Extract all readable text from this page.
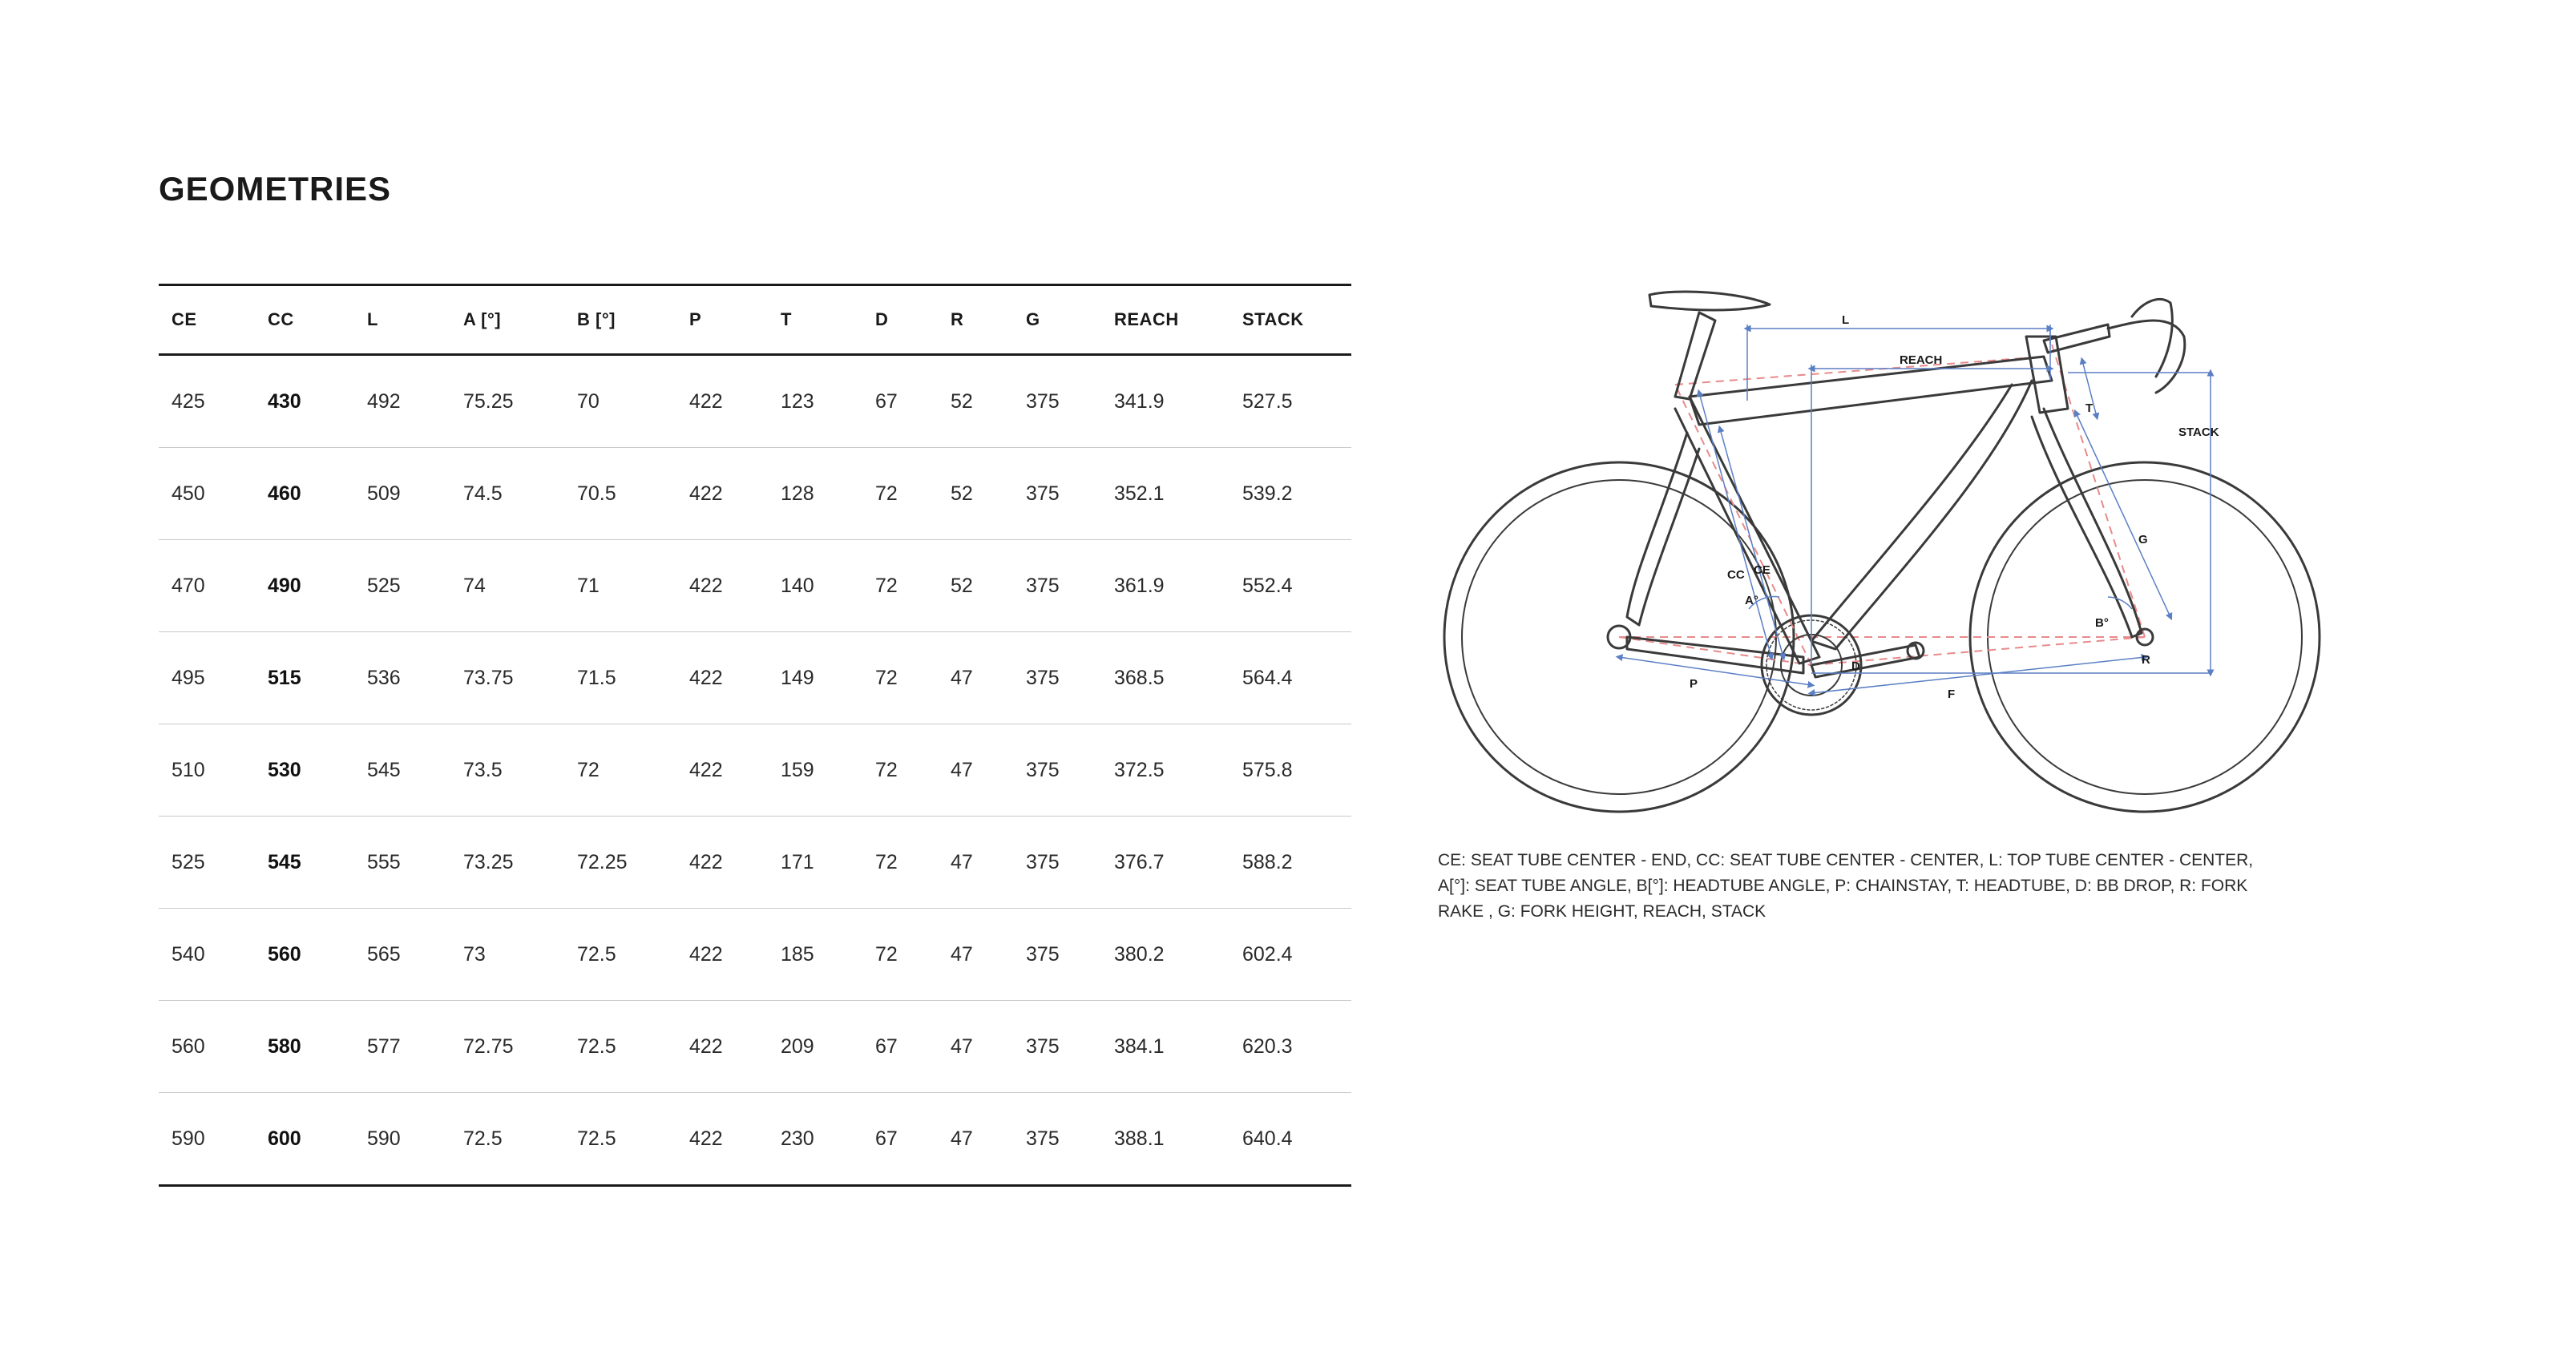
GEOMETRIES
CE	CC	L	A [°]	B [°]	P	T	D	R	G	REACH	STACK
425	430	492	75.25	70	422	123	67	52	375	341.9	527.5
450	460	509	74.5	70.5	422	128	72	52	375	352.1	539.2
470	490	525	74	71	422	140	72	52	375	361.9	552.4
495	515	536	73.75	71.5	422	149	72	47	375	368.5	564.4
510	530	545	73.5	72	422	159	72	47	375	372.5	575.8
525	545	555	73.25	72.25	422	171	72	47	375	376.7	588.2
540	560	565	73	72.5	422	185	72	47	375	380.2	602.4
560	580	577	72.75	72.5	422	209	67	47	375	384.1	620.3
590	600	590	72.5	72.5	422	230	67	47	375	388.1	640.4
L
REACH
STACK
T
G
CC CE
A°
B°
D
P
F
R

CE: SEAT TUBE CENTER - END, CC: SEAT TUBE CENTER - CENTER, L: TOP TUBE CENTER - CENTER, A[°]: SEAT TUBE ANGLE, B[°]: HEADTUBE ANGLE, P: CHAINSTAY, T: HEADTUBE, D: BB DROP, R: FORK RAKE , G: FORK HEIGHT, REACH, STACK
